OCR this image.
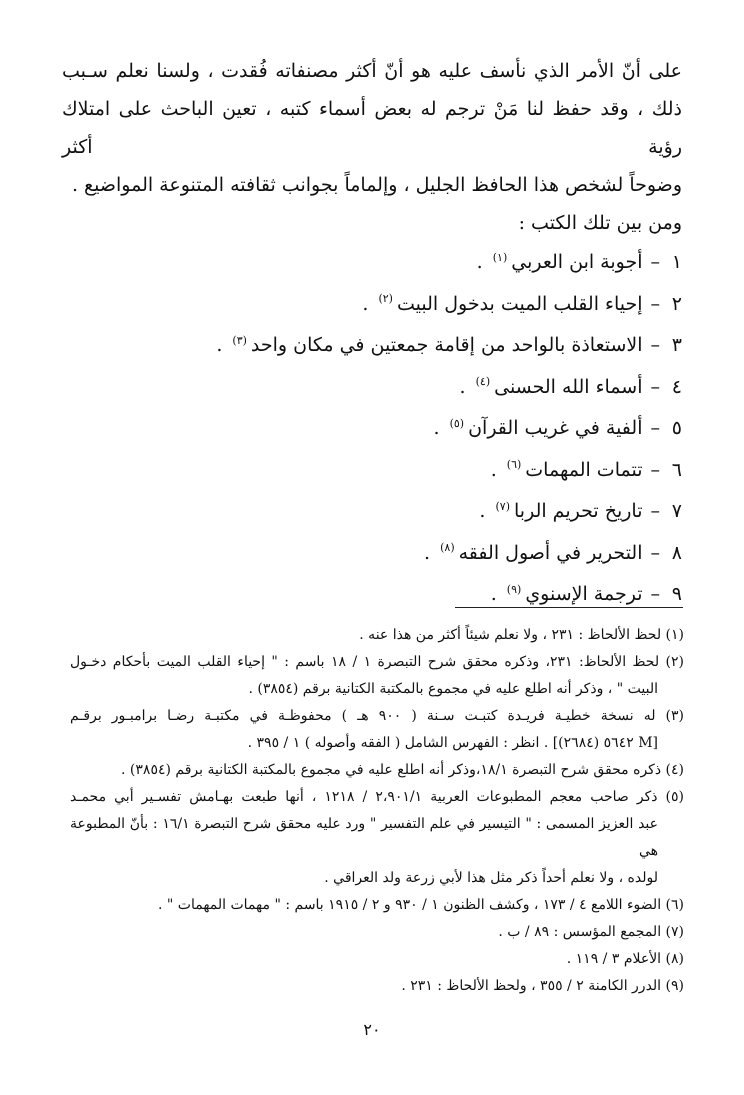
على أنّ الأمر الذي نأسف عليه هو أنّ أكثر مصنفاته فُقدت ، ولسنا نعلم سـبب

ذلك ، وقد حفظ لنا مَنْ ترجم له بعض أسماء كتبه ، تعين الباحث على امتلاك رؤية أكثر

وضوحاً لشخص هذا الحافظ الجليل ، وإلماماً بجوانب ثقافته المتنوعة المواضيع .

ومن بين تلك الكتب :

١–أجوبة ابن العربي$^{(١)}$ .
٢–إحياء القلب الميت بدخول البيت$^{(٢)}$ .
٣–الاستعاذة بالواحد من إقامة جمعتين في مكان واحد$^{(٣)}$ .
٤–أسماء الله الحسنى$^{(٤)}$ .
٥–ألفية في غريب القرآن$^{(٥)}$ .
٦–تتمات المهمات$^{(٦)}$ .
٧–تاريخ تحريم الربا$^{(٧)}$ .
٨–التحرير في أصول الفقه$^{(٨)}$ .
٩–ترجمة الإسنوي$^{(٩)}$ .

(١) لحظ الألحاظ : ٢٣١ ، ولا نعلم شيئاً أكثر من هذا عنه .

(٢) لحظ الألحاظ: ٢٣١، وذكره محقق شرح التبصرة ١ / ١٨ باسم : " إحياء القلب الميت بأحكام دخـول

البيت " ، وذكر أنه اطلع عليه في مجموع بالمكتبة الكتانية برقم (٣٨٥٤) .

(٣) له نسخة خطيـة فريـدة كتبـت سـنة ( ٩٠٠ هـ ) محفوظـة في مكتبـة رضـا برامبـور برقـم

[M ٥٦٤٢ (٢٦٨٤)] . انظر : الفهرس الشامل ( الفقه وأصوله ) ١ / ٣٩٥ .

(٤) ذكره محقق شرح التبصرة ١٨/١،وذكر أنه اطلع عليه في مجموع بالمكتبة الكتانية برقم (٣٨٥٤) .

(٥) ذكر صاحب معجم المطبوعات العربية ٢،٩٠١/١ / ١٢١٨ ، أنها طبعت بهـامش تفسـير أبي محمـد

عبد العزيز المسمى : " التيسير في علم التفسير " ورد عليه محقق شرح التبصرة ١٦/١ : بأنّ المطبوعة هي

لولده ، ولا نعلم أحداً ذكر مثل هذا لأبي زرعة ولد العراقي .

(٦) الضوء اللامع ٤ / ١٧٣ ، وكشف الظنون ١ / ٩٣٠ و ٢ / ١٩١٥ باسم : " مهمات المهمات " .

(٧) المجمع المؤسس : ٨٩ / ب .

(٨) الأعلام ٣ / ١١٩ .

(٩) الدرر الكامنة ٢ / ٣٥٥ ، ولحظ الألحاظ : ٢٣١ .

٢٠
